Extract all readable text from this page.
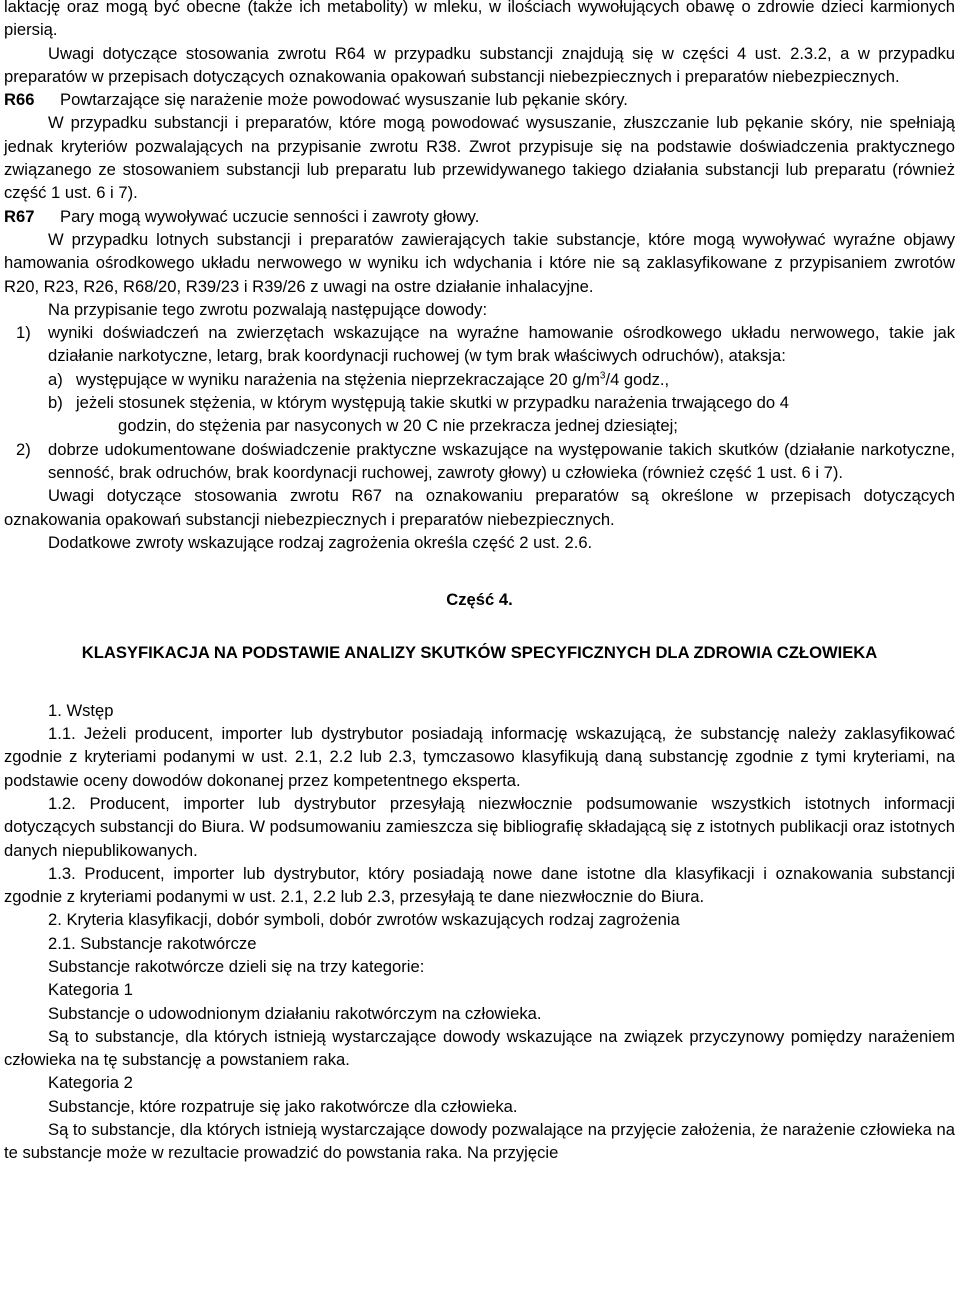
laktację oraz mogą być obecne (także ich metabolity) w mleku, w ilościach wywołujących obawę o zdrowie dzieci karmionych piersią.

Uwagi dotyczące stosowania zwrotu R64 w przypadku substancji znajdują się w części 4 ust. 2.3.2, a w przypadku preparatów w przepisach dotyczących oznakowania opakowań substancji niebezpiecznych i preparatów niebezpiecznych.

R66	Powtarzające się narażenie może powodować wysuszanie lub pękanie skóry.

W przypadku substancji i preparatów, które mogą powodować wysuszanie, złuszczanie lub pękanie skóry, nie spełniają jednak kryteriów pozwalających na przypisanie zwrotu R38. Zwrot przypisuje się na podstawie doświadczenia praktycznego związanego ze stosowaniem substancji lub preparatu lub przewidywanego takiego działania substancji lub preparatu (również część 1 ust. 6 i 7).

R67	Pary mogą wywoływać uczucie senności i zawroty głowy.

W przypadku lotnych substancji i preparatów zawierających takie substancje, które mogą wywoływać wyraźne objawy hamowania ośrodkowego układu nerwowego w wyniku ich wdychania i które nie są zaklasyfikowane z przypisaniem zwrotów R20, R23, R26, R68/20, R39/23 i R39/26 z uwagi na ostre działanie inhalacyjne.

Na przypisanie tego zwrotu pozwalają następujące dowody:

1)	wyniki doświadczeń na zwierzętach wskazujące na wyraźne hamowanie ośrodkowego układu nerwowego, takie jak działanie narkotyczne, letarg, brak koordynacji ruchowej (w tym brak właściwych odruchów), ataksja:
a) występujące w wyniku narażenia na stężenia nieprzekraczające 20 $g/m^3/4$ godz.,
b) jeżeli stosunek stężenia, w którym występują takie skutki w przypadku narażenia trwającego do 4
godzin, do stężenia par nasyconych w 20 C nie przekracza jednej dziesiątej;
2)	dobrze udokumentowane doświadczenie praktyczne wskazujące na występowanie takich skutków (działanie narkotyczne, senność, brak odruchów, brak koordynacji ruchowej, zawroty głowy) u człowieka (również część 1 ust. 6 i 7).

Uwagi dotyczące stosowania zwrotu R67 na oznakowaniu preparatów są określone w przepisach dotyczących oznakowania opakowań substancji niebezpiecznych i preparatów niebezpiecznych.

Dodatkowe zwroty wskazujące rodzaj zagrożenia określa część 2 ust. 2.6.

Część 4.

KLASYFIKACJA NA PODSTAWIE ANALIZY SKUTKÓW SPECYFICZNYCH DLA ZDROWIA CZŁOWIEKA

1. Wstęp

1.1. Jeżeli producent, importer lub dystrybutor posiadają informację wskazującą, że substancję należy zaklasyfikować zgodnie z kryteriami podanymi w ust. 2.1, 2.2 lub 2.3, tymczasowo klasyfikują daną substancję zgodnie z tymi kryteriami, na podstawie oceny dowodów dokonanej przez kompetentnego eksperta.

1.2. Producent, importer lub dystrybutor przesyłają niezwłocznie podsumowanie wszystkich istotnych informacji dotyczących substancji do Biura. W podsumowaniu zamieszcza się bibliografię składającą się z istotnych publikacji oraz istotnych danych niepublikowanych.

1.3. Producent, importer lub dystrybutor, który posiadają nowe dane istotne dla klasyfikacji i oznakowania substancji zgodnie z kryteriami podanymi w ust. 2.1, 2.2 lub 2.3, przesyłają te dane niezwłocznie do Biura.

2. Kryteria klasyfikacji, dobór symboli, dobór zwrotów wskazujących rodzaj zagrożenia

2.1. Substancje rakotwórcze

Substancje rakotwórcze dzieli się na trzy kategorie:

Kategoria 1

Substancje o udowodnionym działaniu rakotwórczym na człowieka.

Są to substancje, dla których istnieją wystarczające dowody wskazujące na związek przyczynowy pomiędzy narażeniem człowieka na tę substancję a powstaniem raka.

Kategoria 2

Substancje, które rozpatruje się jako rakotwórcze dla człowieka.

Są to substancje, dla których istnieją wystarczające dowody pozwalające na przyjęcie założenia, że narażenie człowieka na te substancje może w rezultacie prowadzić do powstania raka. Na przyjęcie
